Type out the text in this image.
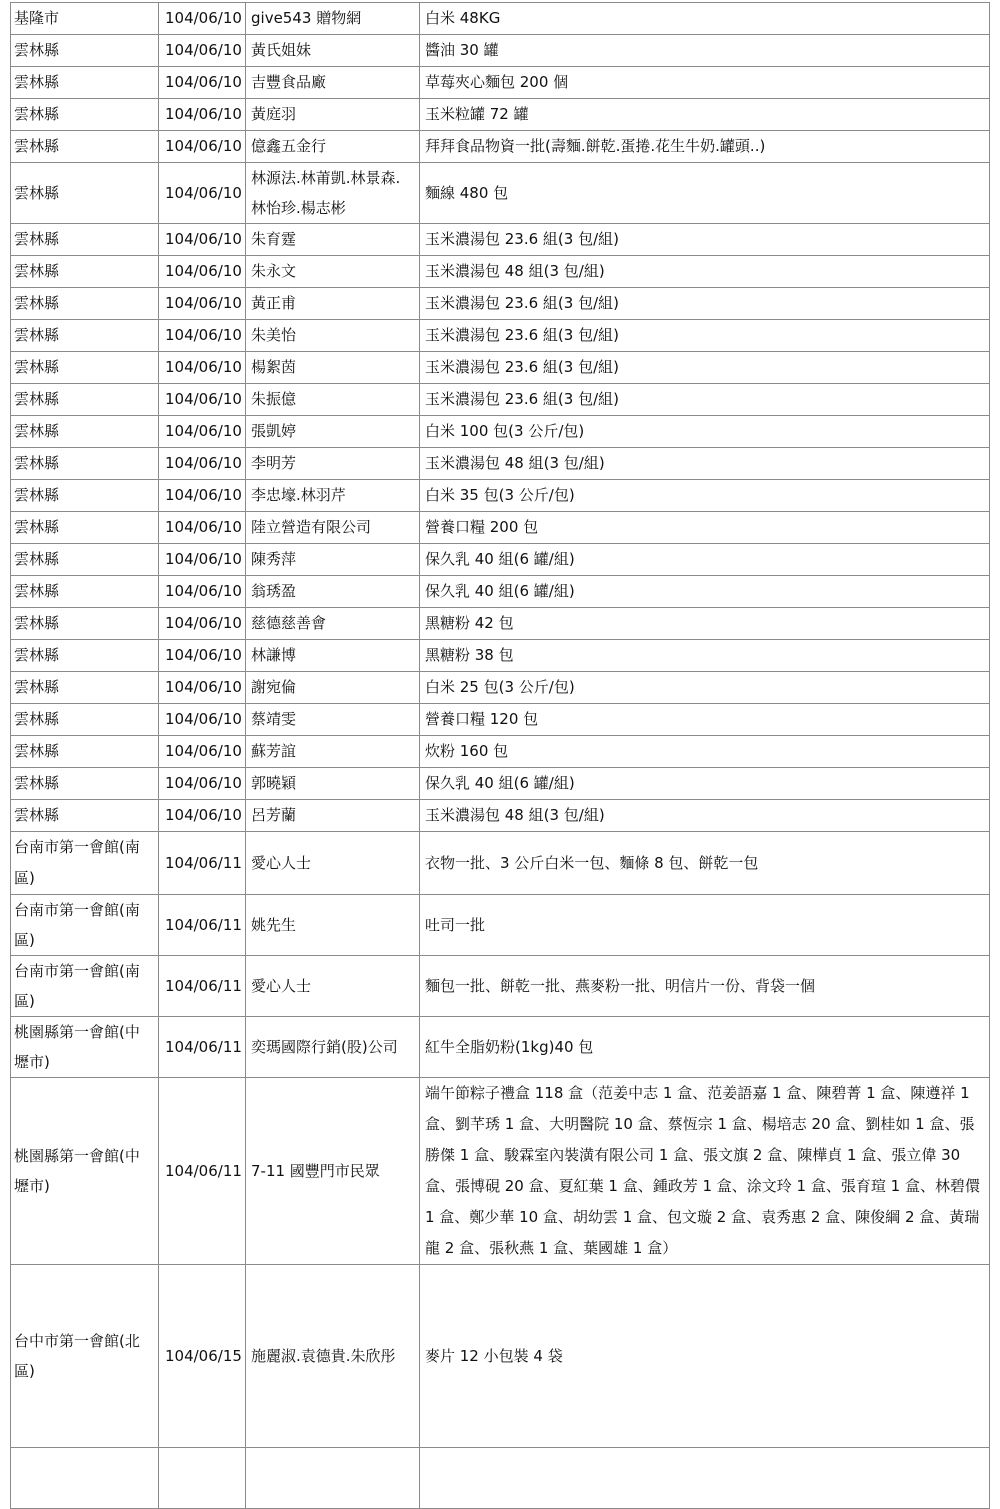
基隆市	104/06/10	give543 贈物網	白米 48KG
雲林縣	104/06/10	黃氏姐妹	醬油 30 罐
雲林縣	104/06/10	吉豐食品廠	草莓夾心麵包 200 個
雲林縣	104/06/10	黃庭羽	玉米粒罐 72 罐
雲林縣	104/06/10	億鑫五金行	拜拜食品物資一批(壽麵.餅乾.蛋捲.花生牛奶.罐頭..)
雲林縣	104/06/10	林源法.林莆凱.林景森.林怡珍.楊志彬	麵線 480 包
雲林縣	104/06/10	朱育霆	玉米濃湯包 23.6 組(3 包/組)
雲林縣	104/06/10	朱永文	玉米濃湯包 48 組(3 包/組)
雲林縣	104/06/10	黃正甫	玉米濃湯包 23.6 組(3 包/組)
雲林縣	104/06/10	朱美怡	玉米濃湯包 23.6 組(3 包/組)
雲林縣	104/06/10	楊絮茵	玉米濃湯包 23.6 組(3 包/組)
雲林縣	104/06/10	朱振億	玉米濃湯包 23.6 組(3 包/組)
雲林縣	104/06/10	張凱婷	白米 100 包(3 公斤/包)
雲林縣	104/06/10	李明芳	玉米濃湯包 48 組(3 包/組)
雲林縣	104/06/10	李忠壕.林羽芹	白米 35 包(3 公斤/包)
雲林縣	104/06/10	陸立營造有限公司	營養口糧 200 包
雲林縣	104/06/10	陳秀萍	保久乳 40 組(6 罐/組)
雲林縣	104/06/10	翁琇盈	保久乳 40 組(6 罐/組)
雲林縣	104/06/10	慈德慈善會	黑糖粉 42 包
雲林縣	104/06/10	林謙博	黑糖粉 38 包
雲林縣	104/06/10	謝宛倫	白米 25 包(3 公斤/包)
雲林縣	104/06/10	蔡靖雯	營養口糧 120 包
雲林縣	104/06/10	蘇芳誼	炊粉 160 包
雲林縣	104/06/10	郭曉穎	保久乳 40 組(6 罐/組)
雲林縣	104/06/10	呂芳蘭	玉米濃湯包 48 組(3 包/組)
台南市第一會館(南區)	104/06/11	愛心人士	衣物一批、3 公斤白米一包、麵條 8 包、餅乾一包
台南市第一會館(南區)	104/06/11	姚先生	吐司一批
台南市第一會館(南區)	104/06/11	愛心人士	麵包一批、餅乾一批、燕麥粉一批、明信片一份、背袋一個
桃園縣第一會館(中壢市)	104/06/11	奕瑪國際行銷(股)公司	紅牛全脂奶粉(1kg)40 包
桃園縣第一會館(中壢市)	104/06/11	7-11 國豐門市民眾	端午節粽子禮盒 118 盒（范姜中志 1 盒、范姜語嘉 1 盒、陳碧菁 1 盒、陳遵祥 1 盒、劉芊琇 1 盒、大明醫院 10 盒、蔡恆宗 1 盒、楊培志 20 盒、劉桂如 1 盒、張勝傑 1 盒、駿霖室內裝潢有限公司 1 盒、張文旗 2 盒、陳樺貞 1 盒、張立偉 30 盒、張博硯 20 盒、夏紅葉 1 盒、鍾政芳 1 盒、涂文玲 1 盒、張育瑄 1 盒、林碧儇 1 盒、鄭少華 10 盒、胡幼雲 1 盒、包文璇 2 盒、袁秀惠 2 盒、陳俊綱 2 盒、黃瑞龍 2 盒、張秋燕 1 盒、葉國雄 1 盒）
台中市第一會館(北區)	104/06/15	施麗淑.袁德貴.朱欣彤	麥片 12 小包裝 4 袋
